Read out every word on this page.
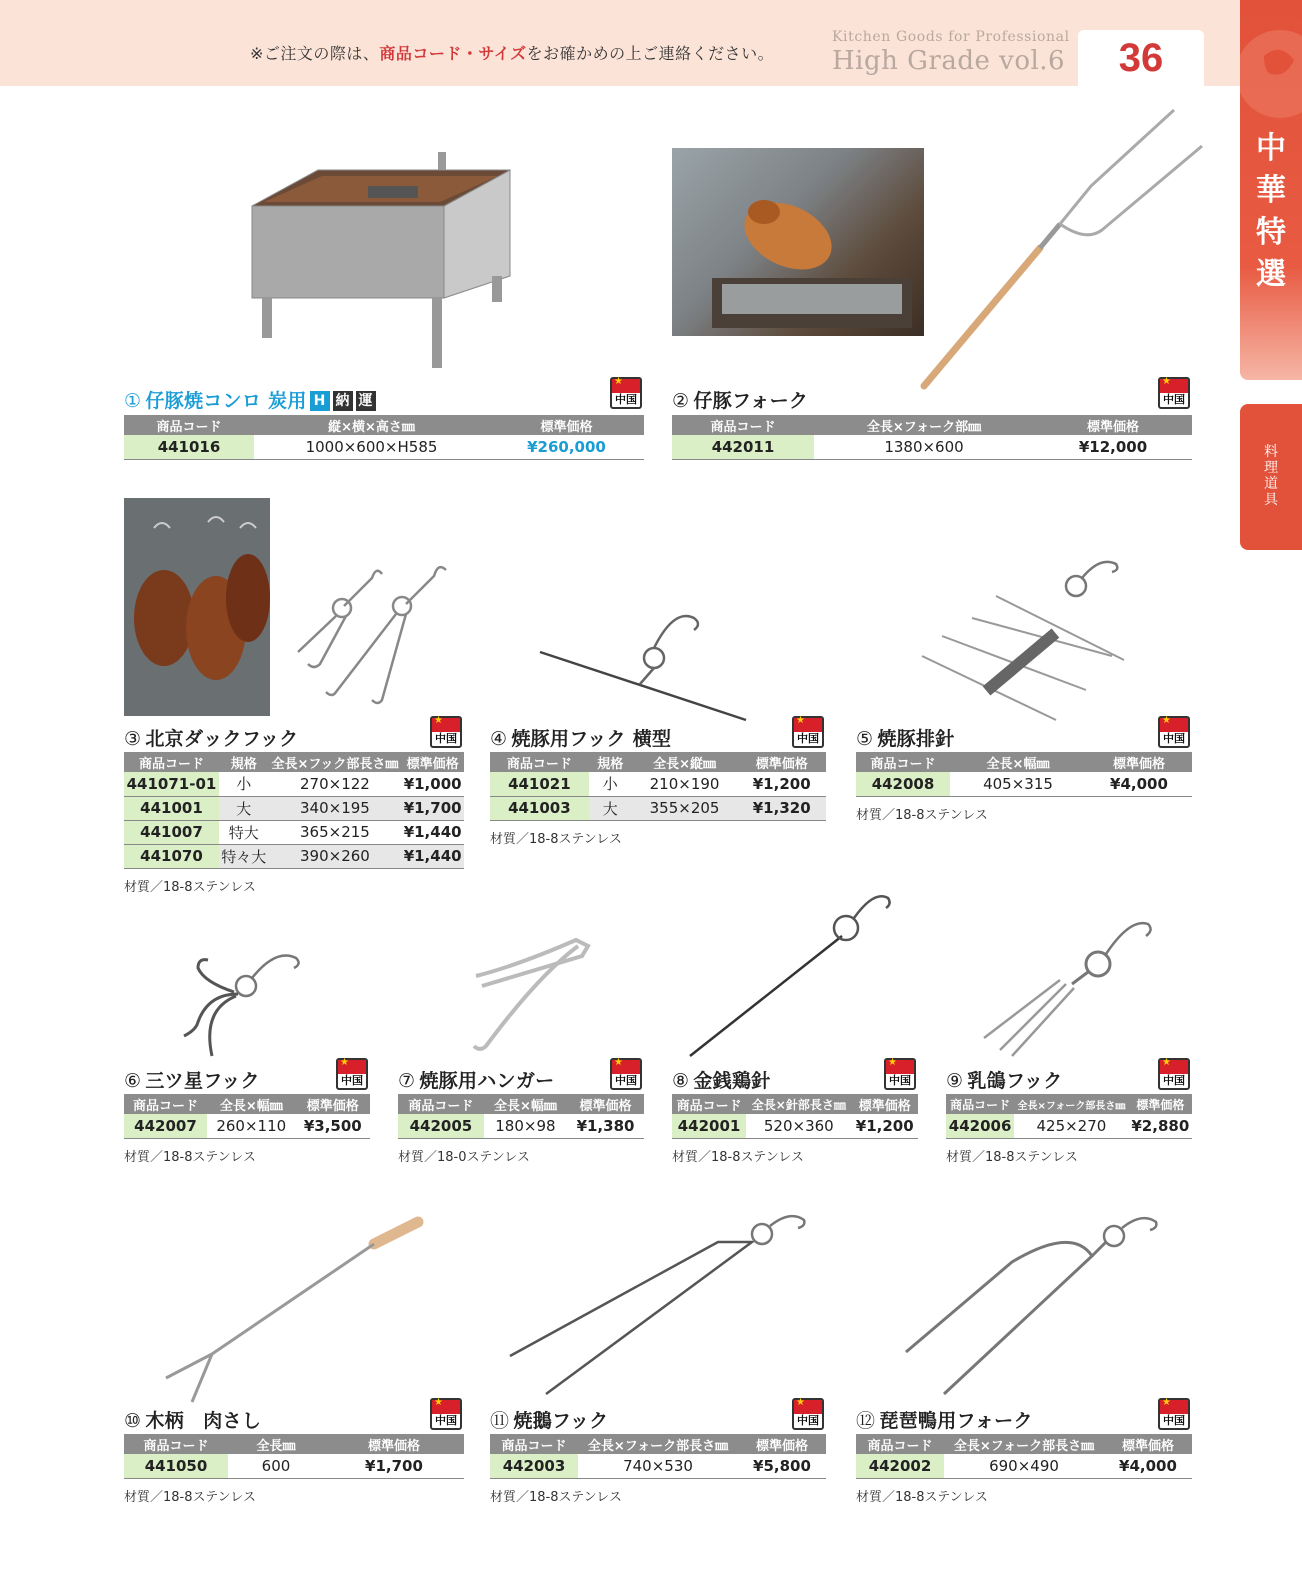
※ご注文の際は、商品コード・サイズをお確かめの上ご連絡ください。
Kitchen Goods for Professional
High Grade vol.6	36
中華特選
料理道具
① 仔豚焼コンロ 炭用 H 納 運
★
中国
商品コード	縦×横×高さ㎜	標準価格
441016	1000×600×H585	¥260,000
② 仔豚フォーク
★
中国
商品コード	全長×フォーク部㎜	標準価格
442011	1380×600	¥12,000
③ 北京ダックフック
★
中国
商品コード	規格	全長×フック部長さ㎜	標準価格
441071-01	小	270×122	¥1,000
441001	大	340×195	¥1,700
441007	特大	365×215	¥1,440
441070	特々大	390×260	¥1,440
材質／18-8ステンレス
④ 焼豚用フック 横型
★
中国
商品コード	規格	全長×縦㎜	標準価格
441021	小	210×190	¥1,200
441003	大	355×205	¥1,320
材質／18-8ステンレス
⑤ 焼豚排針
★
中国
商品コード	全長×幅㎜	標準価格
442008	405×315	¥4,000
材質／18-8ステンレス
⑥ 三ツ星フック
★
中国
商品コード	全長×幅㎜	標準価格
442007	260×110	¥3,500
材質／18-8ステンレス
⑦ 焼豚用ハンガー
★
中国
商品コード	全長×幅㎜	標準価格
442005	180×98	¥1,380
材質／18-0ステンレス
⑧ 金銭鶏針
★
中国
商品コード	全長×針部長さ㎜	標準価格
442001	520×360	¥1,200
材質／18-8ステンレス
⑨ 乳鴿フック
★
中国
商品コード	全長×フォーク部長さ㎜	標準価格
442006	425×270	¥2,880
材質／18-8ステンレス
⑩ 木柄　肉さし
★
中国
商品コード	全長㎜	標準価格
441050	600	¥1,700
材質／18-8ステンレス
⑪ 焼鵝フック
★
中国
商品コード	全長×フォーク部長さ㎜	標準価格
442003	740×530	¥5,800
材質／18-8ステンレス
⑫ 琵琶鴨用フォーク
★
中国
商品コード	全長×フォーク部長さ㎜	標準価格
442002	690×490	¥4,000
材質／18-8ステンレス
